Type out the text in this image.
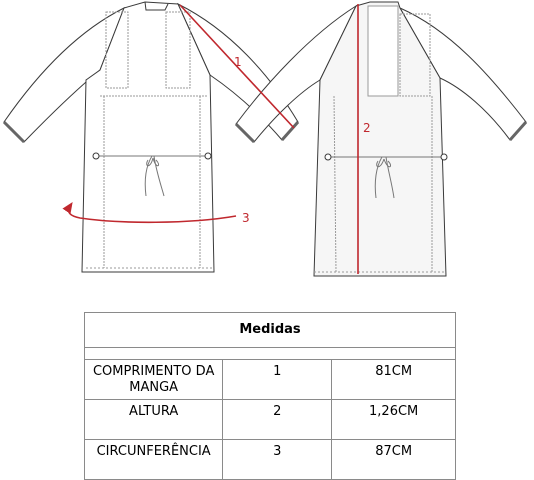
1
2
3
Medidas		

COMPRIMENTO DA MANGA	1	81CM
ALTURA	2	1,26CM
CIRCUNFERÊNCIA	3	87CM
